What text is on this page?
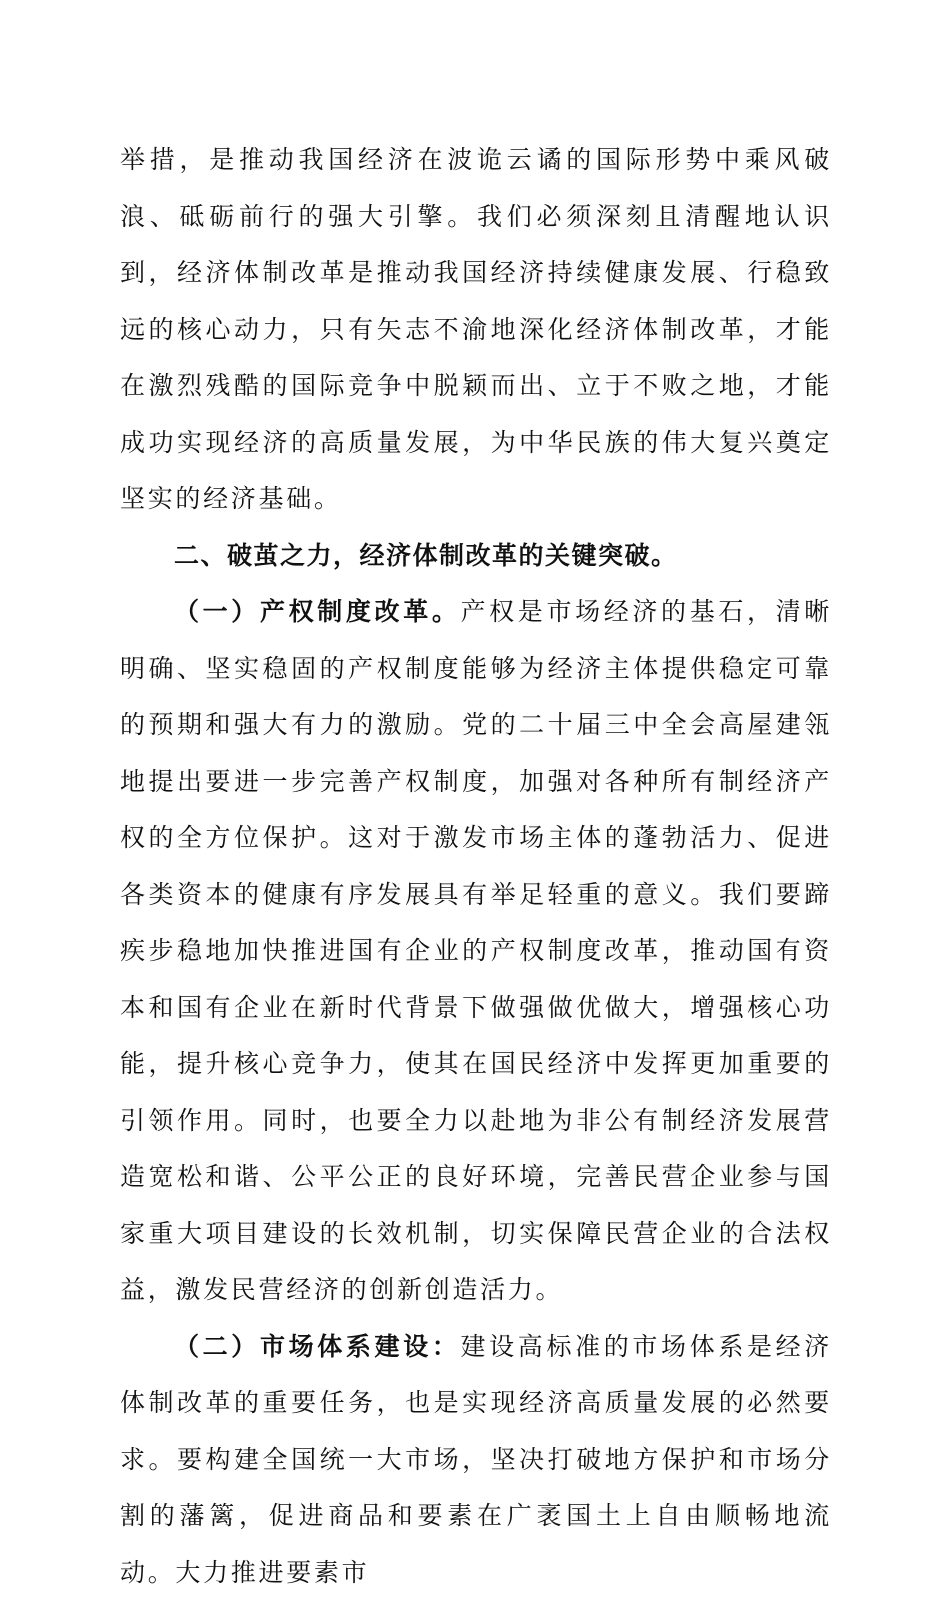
举措，是推动我国经济在波诡云谲的国际形势中乘风破浪、砥砺前行的强大引擎。我们必须深刻且清醒地认识到，经济体制改革是推动我国经济持续健康发展、行稳致远的核心动力，只有矢志不渝地深化经济体制改革，才能在激烈残酷的国际竞争中脱颖而出、立于不败之地，才能成功实现经济的高质量发展，为中华民族的伟大复兴奠定坚实的经济基础。

二、破茧之力，经济体制改革的关键突破。

（一）产权制度改革。产权是市场经济的基石，清晰明确、坚实稳固的产权制度能够为经济主体提供稳定可靠的预期和强大有力的激励。党的二十届三中全会高屋建瓴地提出要进一步完善产权制度，加强对各种所有制经济产权的全方位保护。这对于激发市场主体的蓬勃活力、促进各类资本的健康有序发展具有举足轻重的意义。我们要蹄疾步稳地加快推进国有企业的产权制度改革，推动国有资本和国有企业在新时代背景下做强做优做大，增强核心功能，提升核心竞争力，使其在国民经济中发挥更加重要的引领作用。同时，也要全力以赴地为非公有制经济发展营造宽松和谐、公平公正的良好环境，完善民营企业参与国家重大项目建设的长效机制，切实保障民营企业的合法权益，激发民营经济的创新创造活力。

（二）市场体系建设：建设高标准的市场体系是经济体制改革的重要任务，也是实现经济高质量发展的必然要求。要构建全国统一大市场，坚决打破地方保护和市场分割的藩篱，促进商品和要素在广袤国土上自由顺畅地流动。大力推进要素市
